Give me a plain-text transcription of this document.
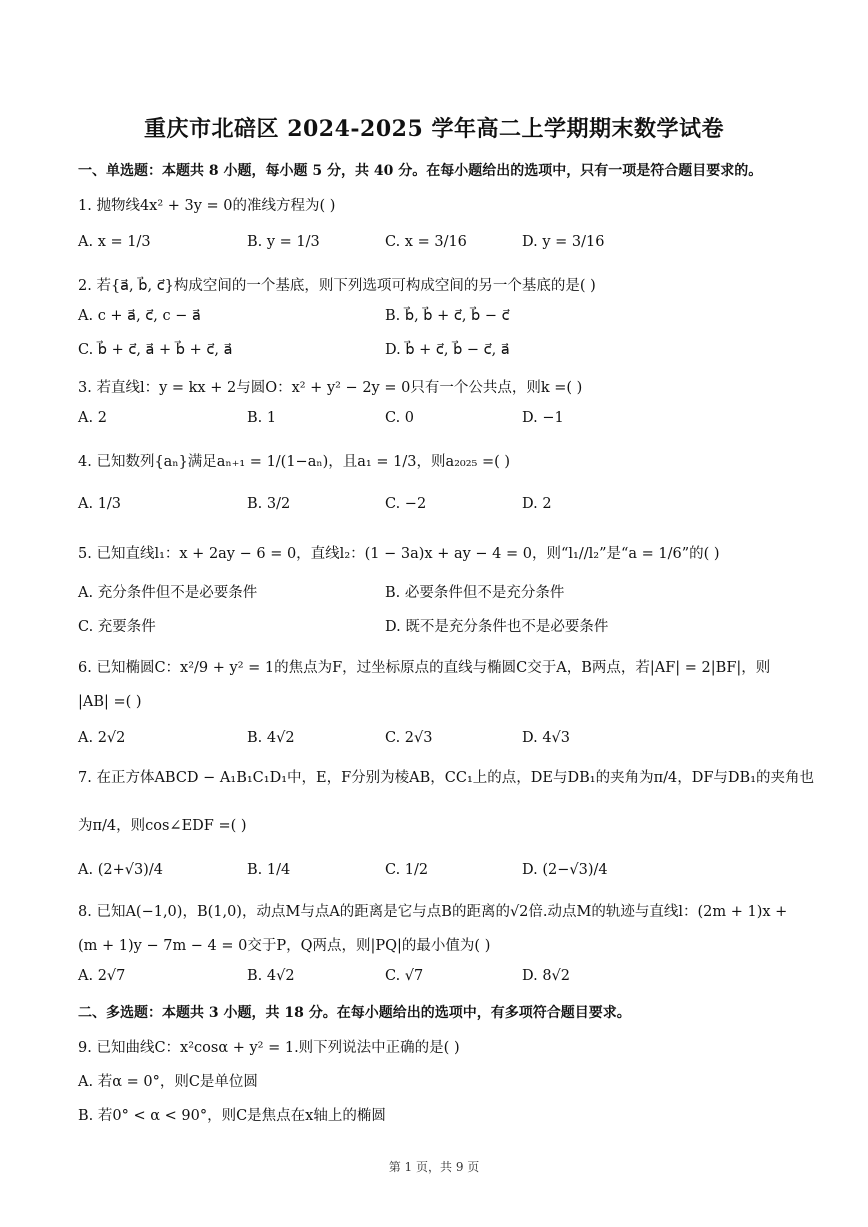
重庆市北碚区 2024-2025 学年高二上学期期末数学试卷
一、单选题：本题共 8 小题，每小题 5 分，共 40 分。在每小题给出的选项中，只有一项是符合题目要求的。
1. 抛物线4x² + 3y = 0的准线方程为( )
A. x = 1/3	B. y = 1/3	C. x = 3/16	D. y = 3/16
2. 若{a⃗, b⃗, c⃗}构成空间的一个基底，则下列选项可构成空间的另一个基底的是( )
A. c + a⃗, c⃗, c − a⃗	B. b⃗, b⃗ + c⃗, b⃗ − c⃗
C. b⃗ + c⃗, a⃗ + b⃗ + c⃗, a⃗	D. b⃗ + c⃗, b⃗ − c⃗, a⃗
3. 若直线l：y = kx + 2与圆O：x² + y² − 2y = 0只有一个公共点，则k =( )
A. 2	B. 1	C. 0	D. −1
4. 已知数列{aₙ}满足aₙ₊₁ = 1/(1−aₙ)，且a₁ = 1/3，则a₂₀₂₅ =( )
A. 1/3	B. 3/2	C. −2	D. 2
5. 已知直线l₁：x + 2ay − 6 = 0，直线l₂：(1 − 3a)x + ay − 4 = 0，则“l₁//l₂”是“a = 1/6”的( )
A. 充分条件但不是必要条件	B. 必要条件但不是充分条件
C. 充要条件	D. 既不是充分条件也不是必要条件
6. 已知椭圆C：x²/9 + y² = 1的焦点为F，过坐标原点的直线与椭圆C交于A，B两点，若|AF| = 2|BF|，则
|AB| =( )
A. 2√2	B. 4√2	C. 2√3	D. 4√3
7. 在正方体ABCD − A₁B₁C₁D₁中，E，F分别为棱AB，CC₁上的点，DE与DB₁的夹角为π/4，DF与DB₁的夹角也
为π/4，则cos∠EDF =( )
A. (2+√3)/4	B. 1/4	C. 1/2	D. (2−√3)/4
8. 已知A(−1,0)，B(1,0)，动点M与点A的距离是它与点B的距离的√2倍.动点M的轨迹与直线l：(2m + 1)x +
(m + 1)y − 7m − 4 = 0交于P，Q两点，则|PQ|的最小值为( )
A. 2√7	B. 4√2	C. √7	D. 8√2
二、多选题：本题共 3 小题，共 18 分。在每小题给出的选项中，有多项符合题目要求。
9. 已知曲线C：x²cosα + y² = 1.则下列说法中正确的是( )
A. 若α = 0°，则C是单位圆
B. 若0° < α < 90°，则C是焦点在x轴上的椭圆
第 1 页，共 9 页
